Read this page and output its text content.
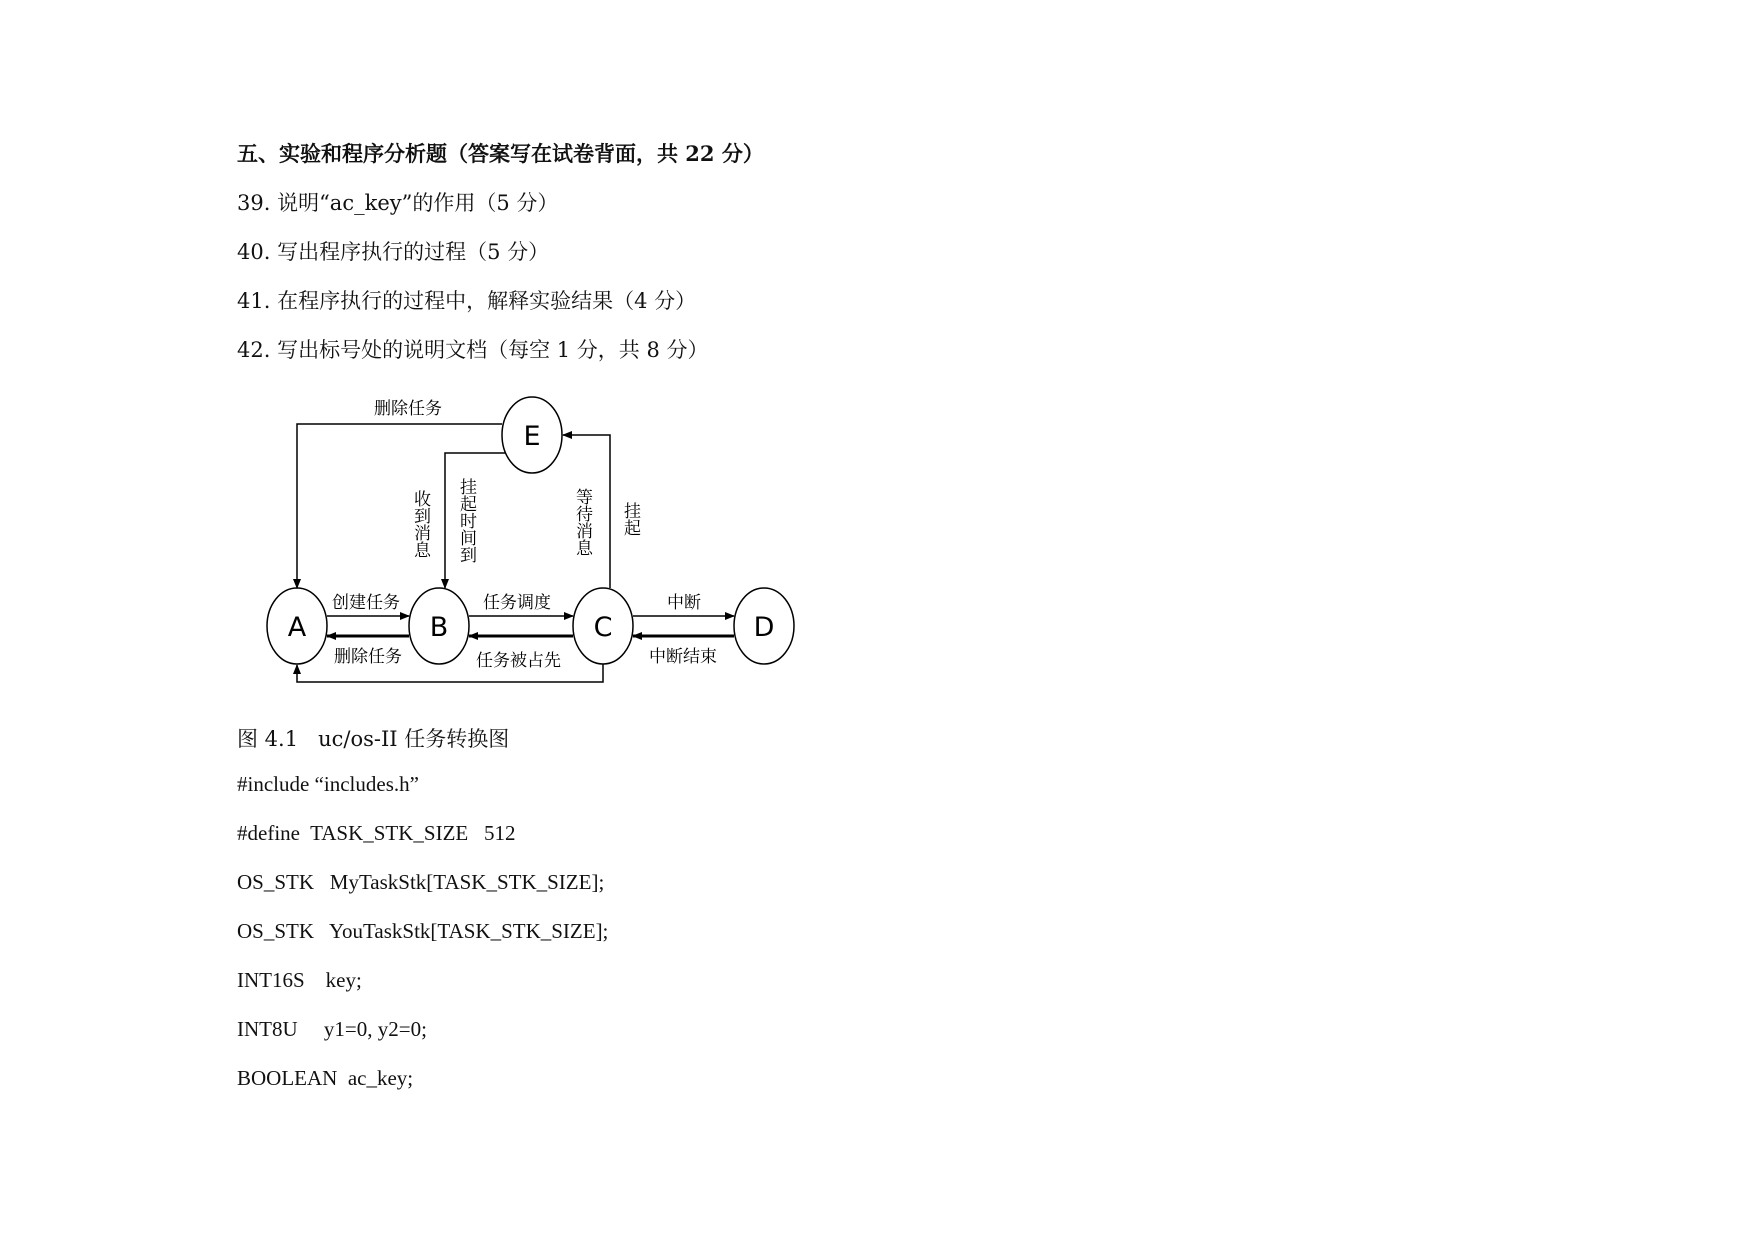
五、实验和程序分析题（答案写在试卷背面，共 22 分）
39. 说明“ac_key”的作用（5 分）
40. 写出程序执行的过程（5 分）
41. 在程序执行的过程中，解释实验结果（4 分）
42. 写出标号处的说明文档（每空 1 分，共 8 分）
A	B	C	D
E
删除任务
创建任务
删除任务
任务调度
任务被占先
中断
中断结束
收到消息 挂起时间到	等待消息 挂起
图 4.1   uc/os-II 任务转换图
#include “includes.h”
#define  TASK_STK_SIZE   512
OS_STK   MyTaskStk[TASK_STK_SIZE];
OS_STK   YouTaskStk[TASK_STK_SIZE];
INT16S    key;
INT8U     y1=0, y2=0;
BOOLEAN  ac_key;
